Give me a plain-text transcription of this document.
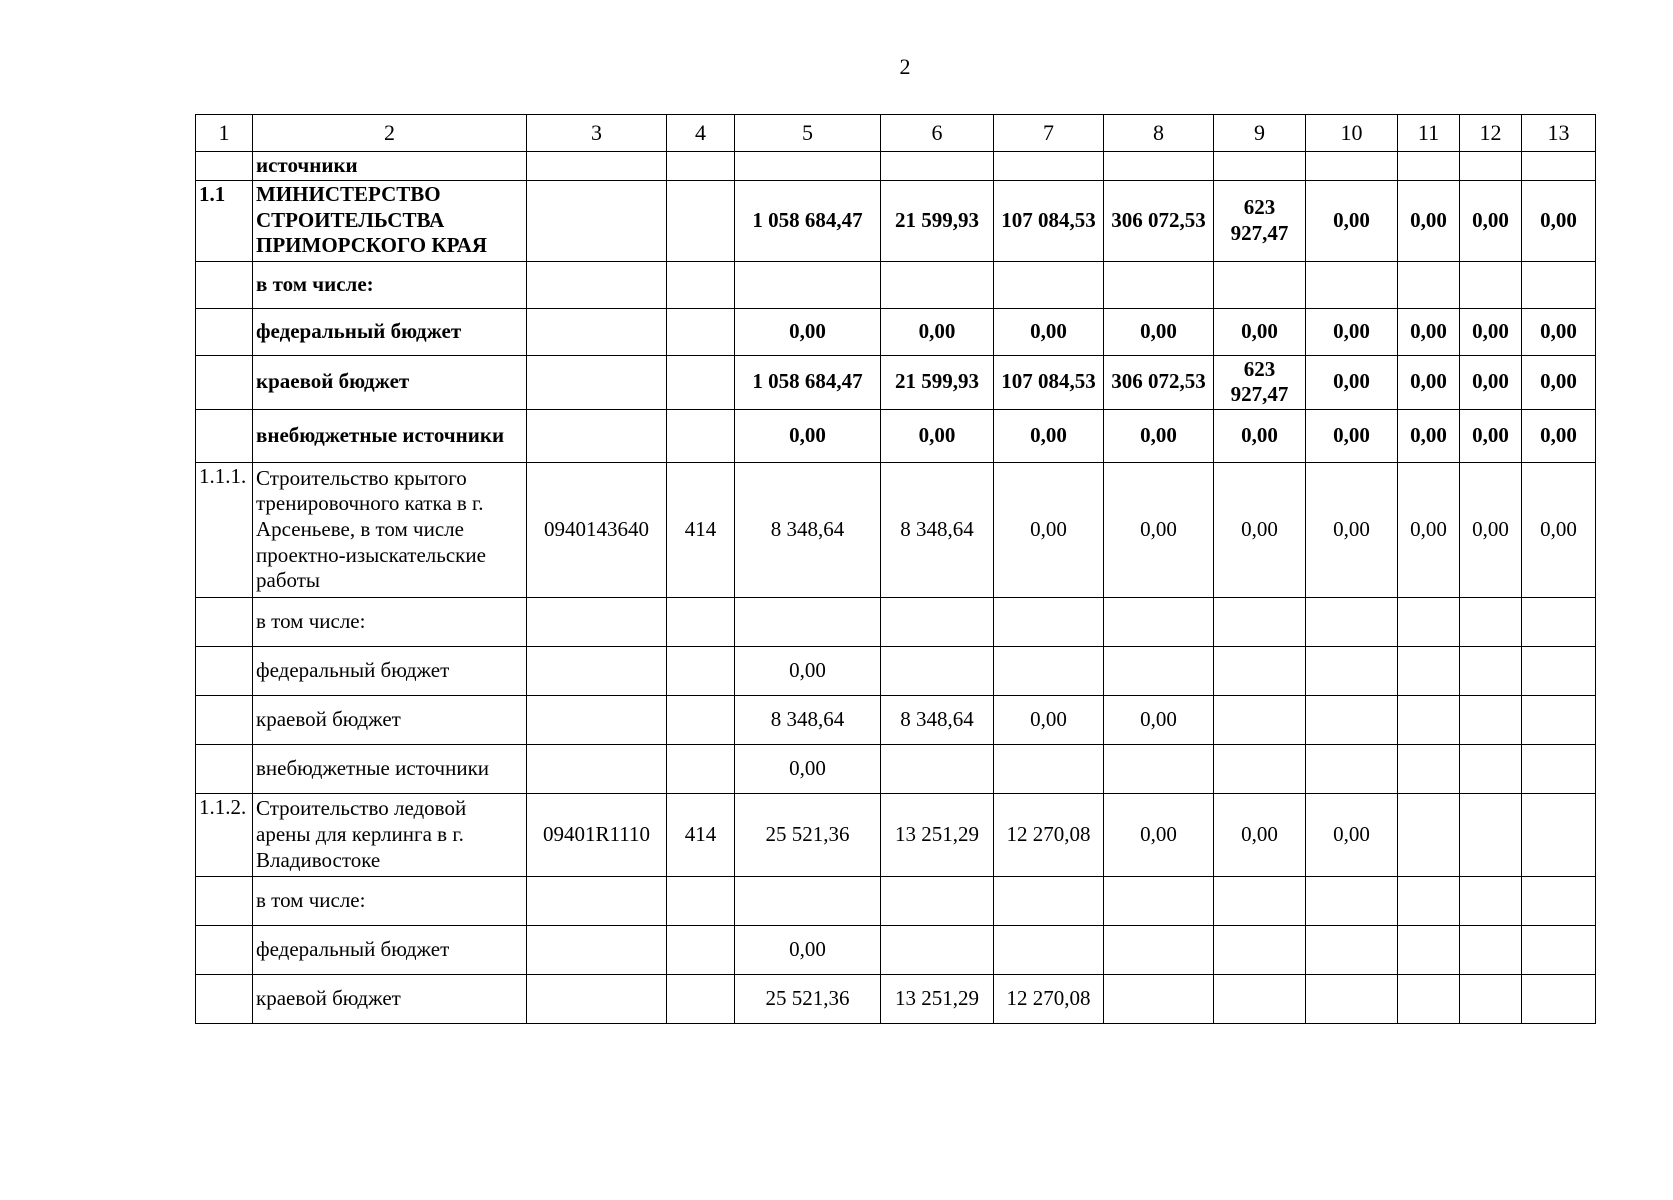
2
1	2	3	4	5	6	7	8	9	10	11	12	13
	источники											
1.1	МИНИСТЕРСТВО СТРОИТЕЛЬСТВА ПРИМОРСКОГО КРАЯ			1 058 684,47	21 599,93	107 084,53	306 072,53	623 927,47	0,00	0,00	0,00	0,00
	в том числе:											
	федеральный бюджет			0,00	0,00	0,00	0,00	0,00	0,00	0,00	0,00	0,00
	краевой бюджет			1 058 684,47	21 599,93	107 084,53	306 072,53	623 927,47	0,00	0,00	0,00	0,00
	внебюджетные источники			0,00	0,00	0,00	0,00	0,00	0,00	0,00	0,00	0,00
1.1.1.	Строительство крытого тренировочного катка в г. Арсеньеве, в том числе проектно-изыскательские работы	0940143640	414	8 348,64	8 348,64	0,00	0,00	0,00	0,00	0,00	0,00	0,00
	в том числе:											
	федеральный бюджет			0,00								
	краевой бюджет			8 348,64	8 348,64	0,00	0,00					
	внебюджетные источники			0,00								
1.1.2.	Строительство ледовой арены для керлинга в г. Владивостоке	09401R1110	414	25 521,36	13 251,29	12 270,08	0,00	0,00	0,00			
	в том числе:											
	федеральный бюджет			0,00								
	краевой бюджет			25 521,36	13 251,29	12 270,08						
